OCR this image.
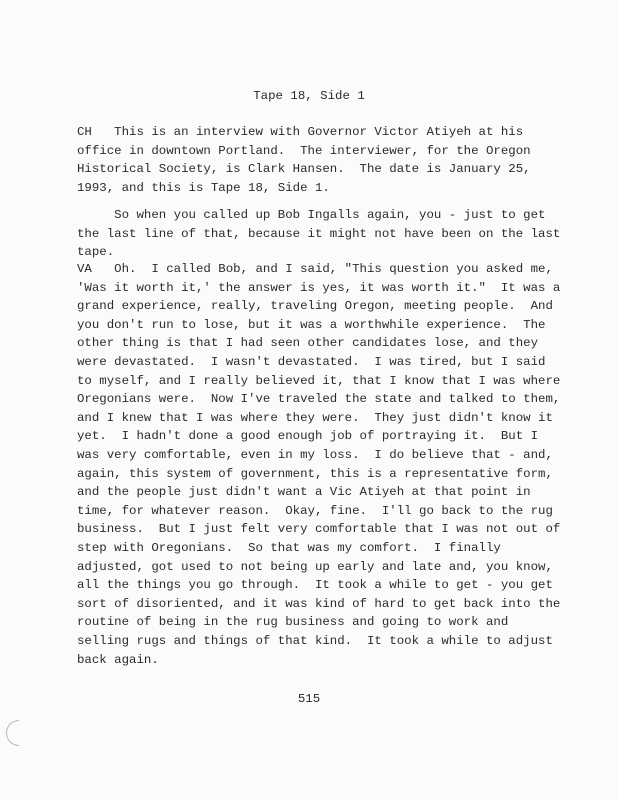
Tape 18, Side 1
CH   This is an interview with Governor Victor Atiyeh at his
office in downtown Portland.  The interviewer, for the Oregon
Historical Society, is Clark Hansen.  The date is January 25,
1993, and this is Tape 18, Side 1.
So when you called up Bob Ingalls again, you - just to get
the last line of that, because it might not have been on the last
tape.
VA   Oh.  I called Bob, and I said, "This question you asked me,
'Was it worth it,' the answer is yes, it was worth it."  It was a
grand experience, really, traveling Oregon, meeting people.  And
you don't run to lose, but it was a worthwhile experience.  The
other thing is that I had seen other candidates lose, and they
were devastated.  I wasn't devastated.  I was tired, but I said
to myself, and I really believed it, that I know that I was where
Oregonians were.  Now I've traveled the state and talked to them,
and I knew that I was where they were.  They just didn't know it
yet.  I hadn't done a good enough job of portraying it.  But I
was very comfortable, even in my loss.  I do believe that - and,
again, this system of government, this is a representative form,
and the people just didn't want a Vic Atiyeh at that point in
time, for whatever reason.  Okay, fine.  I'll go back to the rug
business.  But I just felt very comfortable that I was not out of
step with Oregonians.  So that was my comfort.  I finally
adjusted, got used to not being up early and late and, you know,
all the things you go through.  It took a while to get - you get
sort of disoriented, and it was kind of hard to get back into the
routine of being in the rug business and going to work and
selling rugs and things of that kind.  It took a while to adjust
back again.
515
